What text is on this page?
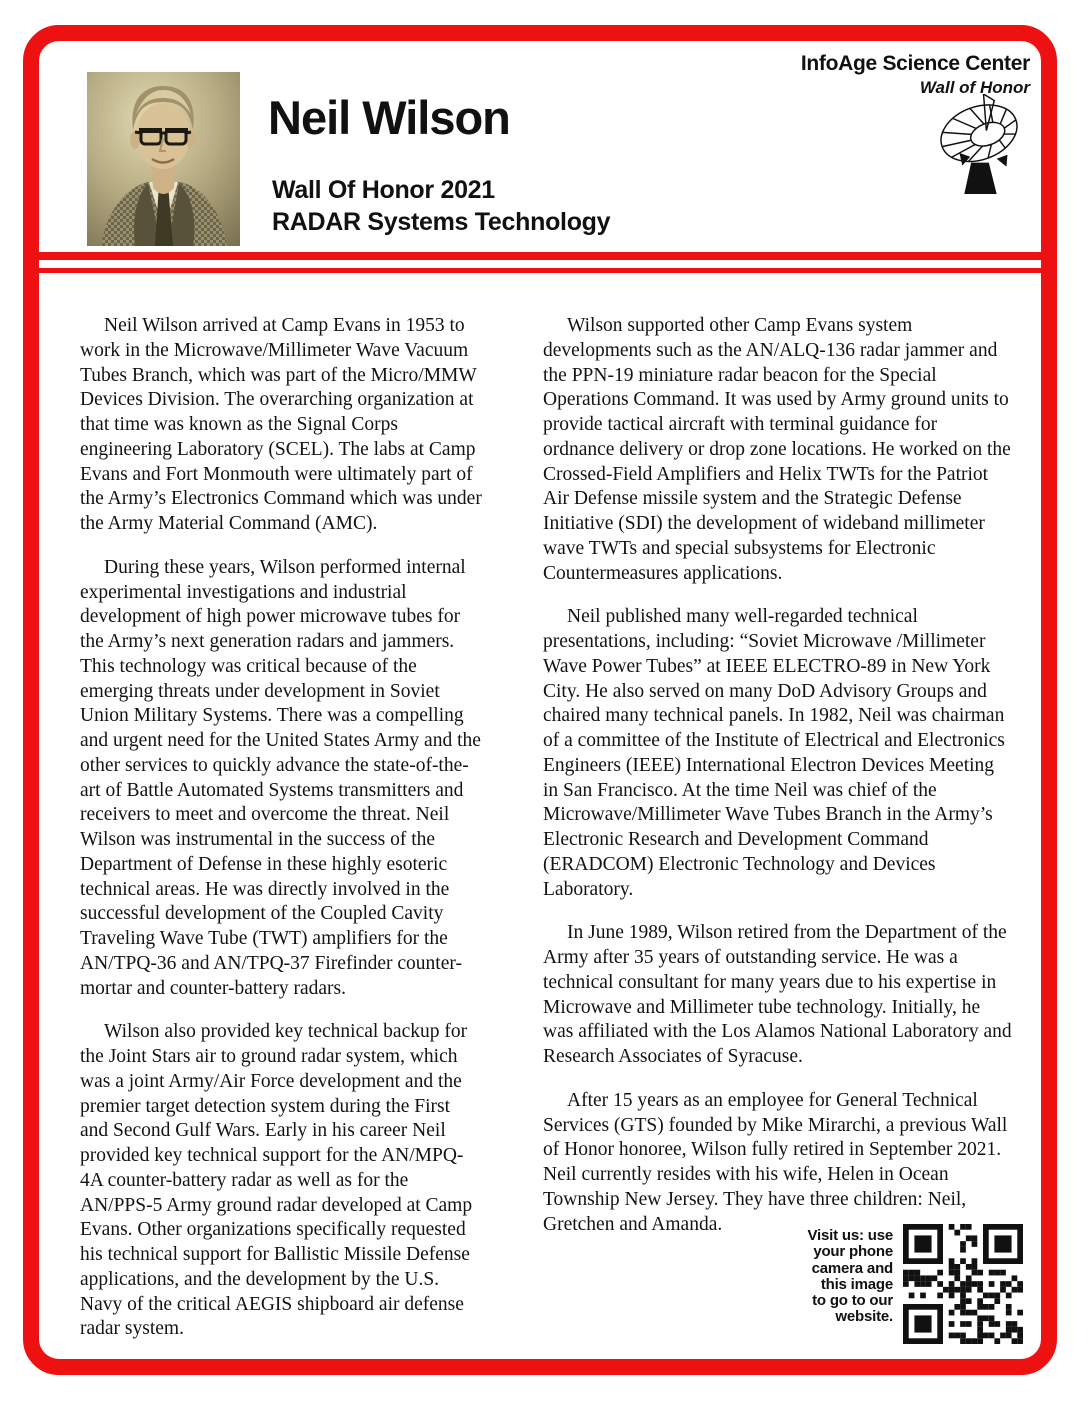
InfoAge Science Center
Wall of Honor
Neil Wilson
Wall Of Honor 2021
RADAR Systems Technology

Neil Wilson arrived at Camp Evans in 1953 to work in the Microwave/Millimeter Wave Vacuum Tubes Branch, which was part of the Micro/MMW Devices Division. The overarching organization at that time was known as the Signal Corps engineering Laboratory (SCEL). The labs at Camp Evans and Fort Monmouth were ultimately part of the Army’s Electronics Command which was under the Army Material Command (AMC).

During these years, Wilson performed internal experimental investigations and industrial development of high power microwave tubes for the Army’s next generation radars and jammers. This technology was critical because of the emerging threats under development in Soviet Union Military Systems. There was a compelling and urgent need for the United States Army and the other services to quickly advance the state-of-the-art of Battle Automated Systems transmitters and receivers to meet and overcome the threat. Neil Wilson was instrumental in the success of the Department of Defense in these highly esoteric technical areas. He was directly involved in the successful development of the Coupled Cavity Traveling Wave Tube (TWT) amplifiers for the AN/TPQ-36 and AN/TPQ-37 Firefinder counter-mortar and counter-battery radars.

Wilson also provided key technical backup for the Joint Stars air to ground radar system, which was a joint Army/Air Force development and the premier target detection system during the First and Second Gulf Wars. Early in his career Neil provided key technical support for the AN/MPQ-4A counter-battery radar as well as for the AN/PPS-5 Army ground radar developed at Camp Evans. Other organizations specifically requested his technical support for Ballistic Missile Defense applications, and the development by the U.S. Navy of the critical AEGIS shipboard air defense radar system.

Wilson supported other Camp Evans system developments such as the AN/ALQ-136 radar jammer and the PPN-19 miniature radar beacon for the Special Operations Command. It was used by Army ground units to provide tactical aircraft with terminal guidance for ordnance delivery or drop zone locations. He worked on the Crossed-Field Amplifiers and Helix TWTs for the Patriot Air Defense missile system and the Strategic Defense Initiative (SDI) the development of wideband millimeter wave TWTs and special subsystems for Electronic Countermeasures applications.

Neil published many well-regarded technical presentations, including: “Soviet Microwave /Millimeter Wave Power Tubes” at IEEE ELECTRO-89 in New York City. He also served on many DoD Advisory Groups and chaired many technical panels. In 1982, Neil was chairman of a committee of the Institute of Electrical and Electronics Engineers (IEEE) International Electron Devices Meeting in San Francisco. At the time Neil was chief of the Microwave/Millimeter Wave Tubes Branch in the Army’s Electronic Research and Development Command (ERADCOM) Electronic Technology and Devices Laboratory.

In June 1989, Wilson retired from the Department of the Army after 35 years of outstanding service. He was a technical consultant for many years due to his expertise in Microwave and Millimeter tube technology. Initially, he was affiliated with the Los Alamos National Laboratory and Research Associates of Syracuse.

After 15 years as an employee for General Technical Services (GTS) founded by Mike Mirarchi, a previous Wall of Honor honoree, Wilson fully retired in September 2021. Neil currently resides with his wife, Helen in Ocean Township New Jersey. They have three children: Neil, Gretchen and Amanda.

Visit us: use
your phone
camera and
this image
to go to our
website.
